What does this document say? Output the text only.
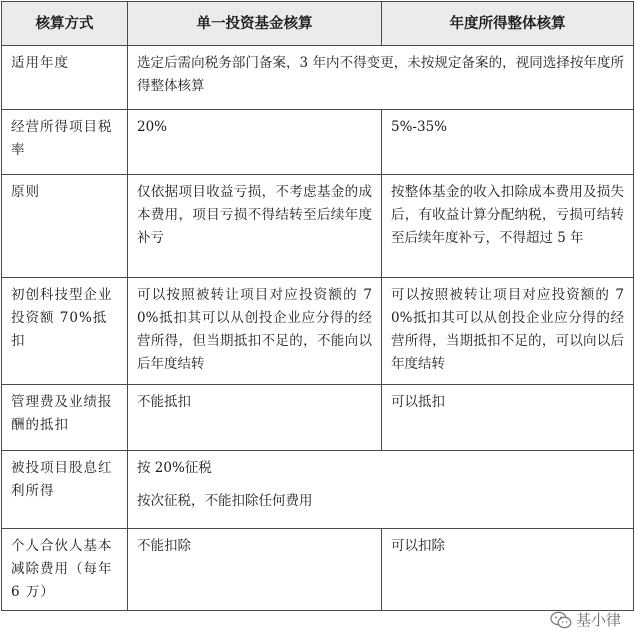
核算方式	单一投资基金核算	年度所得整体核算
适用年度	选定后需向税务部门备案，3 年内不得变更，未按规定备案的，视同选择按年度所得整体核算	
经营所得项目税率	20%	5%-35%
原则	仅依据项目收益亏损，不考虑基金的成本费用，项目亏损不得结转至后续年度补亏	按整体基金的收入扣除成本费用及损失后，有收益计算分配纳税，亏损可结转至后续年度补亏，不得超过 5 年
初创科技型企业投资额 70%抵扣	可以按照被转让项目对应投资额的 70%抵扣其可以从创投企业应分得的经营所得，但当期抵扣不足的，不能向以后年度结转	可以按照被转让项目对应投资额的 70%抵扣其可以从创投企业应分得的经营所得，当期抵扣不足的，可以向以后年度结转
管理费及业绩报酬的抵扣	不能抵扣	可以抵扣
被投项目股息红利所得	按 20%征税
按次征税，不能扣除任何费用	

个人合伙人基本减除费用（每年 6 万）	不能扣除	可以扣除
基小律
